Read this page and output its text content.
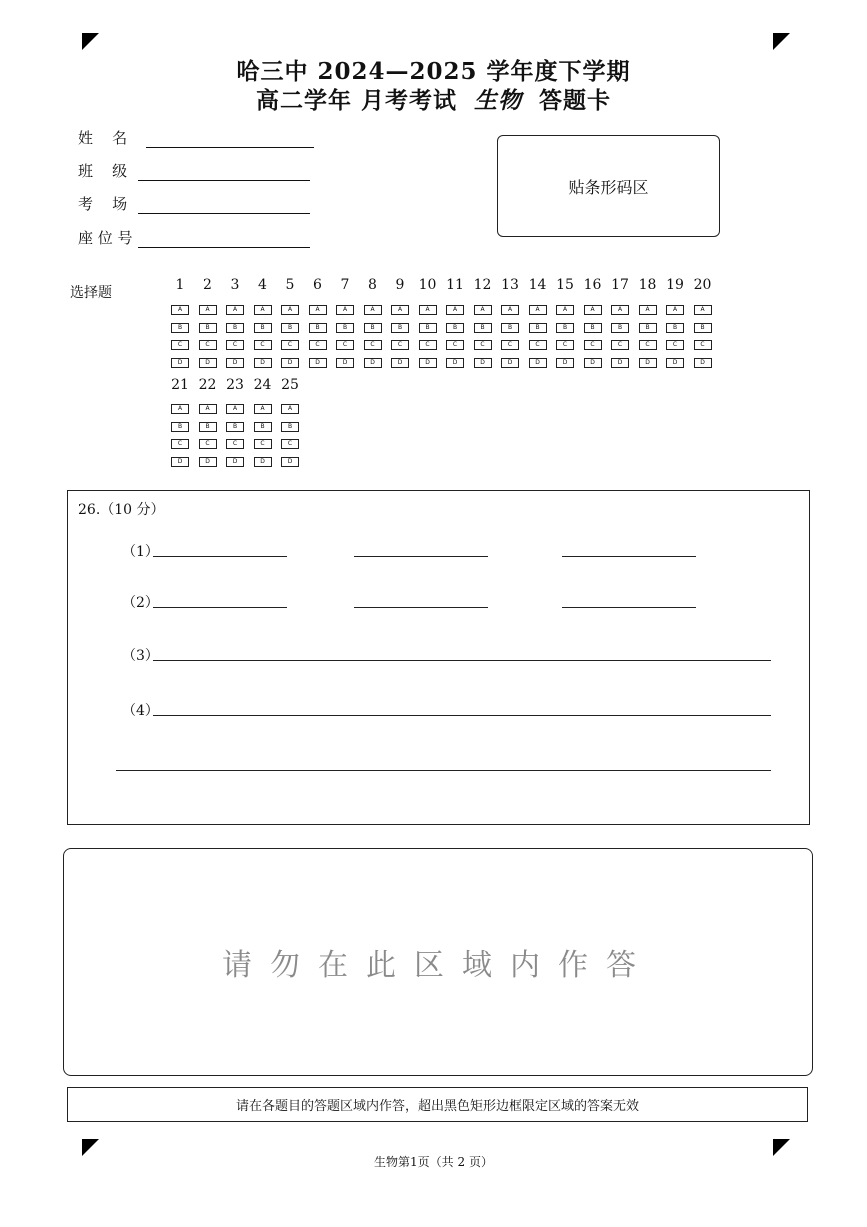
哈三中 2024—2025 学年度下学期
高二学年 月考考试 生物 答题卡
姓    名
班    级
考    场
座 位 号
贴条形码区
选择题	1
A
B
C
D
2
A
B
C
D
3
A
B
C
D
4
A
B
C
D
5
A
B
C
D
6
A
B
C
D
7
A
B
C
D
8
A
B
C
D
9
A
B
C
D
10
A
B
C
D
11
A
B
C
D
12
A
B
C
D
13
A
B
C
D
14
A
B
C
D
15
A
B
C
D
16
A
B
C
D
17
A
B
C
D
18
A
B
C
D
19
A
B
C
D
20
A
B
C
D
21
A
B
C
D
22
A
B
C
D
23
A
B
C
D
24
A
B
C
D
25
A
B
C
D
26.（10 分）
（1）
（2）
（3）
（4）
请勿在此区域内作答
请在各题目的答题区域内作答，超出黑色矩形边框限定区域的答案无效
生物第1页（共 2 页）
